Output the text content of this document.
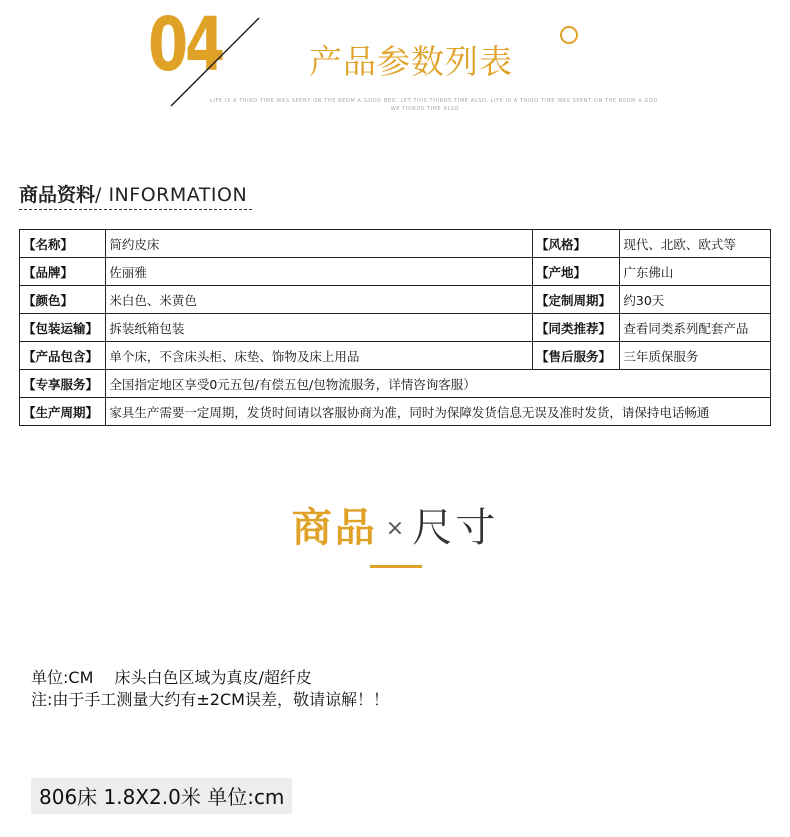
04	产品参数列表
LIFE IS A THIRD TIME WAS SPENT ON THE BEDM A GOOD BED, LET THIS THIRDS TIME ALSO, LIFE IS A THIRD TIME WAS SPENT ON THE BEDM A GOO
WE THIRDS TIME ALSO
商品资料/ INFORMATION
【名称】	简约皮床	【风格】	现代、北欧、欧式等
【品牌】	佐丽雅	【产地】	广东佛山
【颜色】	米白色、米黄色	【定制周期】	约30天
【包装运输】	拆装纸箱包装	【同类推荐】	查看同类系列配套产品
【产品包含】	单个床，不含床头柜、床垫、饰物及床上用品	【售后服务】	三年质保服务
【专享服务】	全国指定地区享受0元五包/有偿五包/包物流服务，详情咨询客服）		
【生产周期】	家具生产需要一定周期，发货时间请以客服协商为准，同时为保障发货信息无误及准时发货，请保持电话畅通		
商品 × 尺寸
单位:CM　 床头白色区域为真皮/超纤皮
注:由于手工测量大约有±2CM误差，敬请谅解！！
806床 1.8X2.0米 单位:cm
